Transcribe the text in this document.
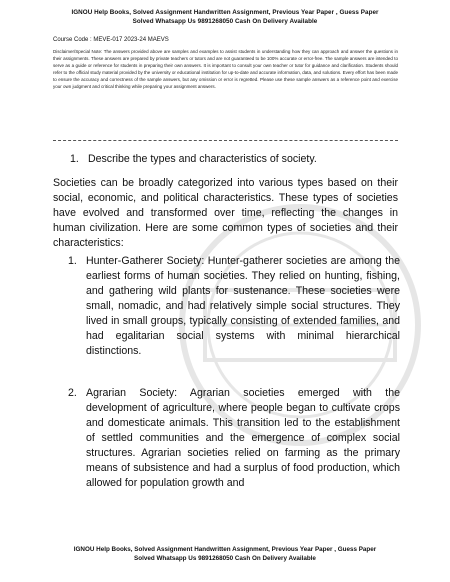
IGNOU Help Books, Solved Assignment Handwritten Assignment, Previous Year Paper , Guess Paper
Solved Whatsapp Us 9891268050 Cash On Delivery Available
Course Code : MEVE-017 2023-24 MAEVS
Disclaimer/Special Note: The answers provided above are samples and examples to assist students in understanding how they can approach and answer the questions in their assignments. These answers are prepared by private teachers or tutors and are not guaranteed to be 100% accurate or error-free. The sample answers are intended to serve as a guide or reference for students in preparing their own answers. It is important to consult your own teacher or tutor for guidance and clarification. Students should refer to the official study material provided by the university or educational institution for up-to-date and accurate information, data, and solutions. Every effort has been made to ensure the accuracy and correctness of the sample answers, but any omission or error is regretted. Please use these sample answers as a reference point and exercise your own judgment and critical thinking while preparing your assignment answers.
1. Describe the types and characteristics of society.
Societies can be broadly categorized into various types based on their social, economic, and political characteristics. These types of societies have evolved and transformed over time, reflecting the changes in human civilization. Here are some common types of societies and their characteristics:
1. Hunter-Gatherer Society: Hunter-gatherer societies are among the earliest forms of human societies. They relied on hunting, fishing, and gathering wild plants for sustenance. These societies were small, nomadic, and had relatively simple social structures. They lived in small groups, typically consisting of extended families, and had egalitarian social systems with minimal hierarchical distinctions.
2. Agrarian Society: Agrarian societies emerged with the development of agriculture, where people began to cultivate crops and domesticate animals. This transition led to the establishment of settled communities and the emergence of complex social structures. Agrarian societies relied on farming as the primary means of subsistence and had a surplus of food production, which allowed for population growth and
IGNOU Help Books, Solved Assignment Handwritten Assignment, Previous Year Paper , Guess Paper
Solved Whatsapp Us 9891268050 Cash On Delivery Available
